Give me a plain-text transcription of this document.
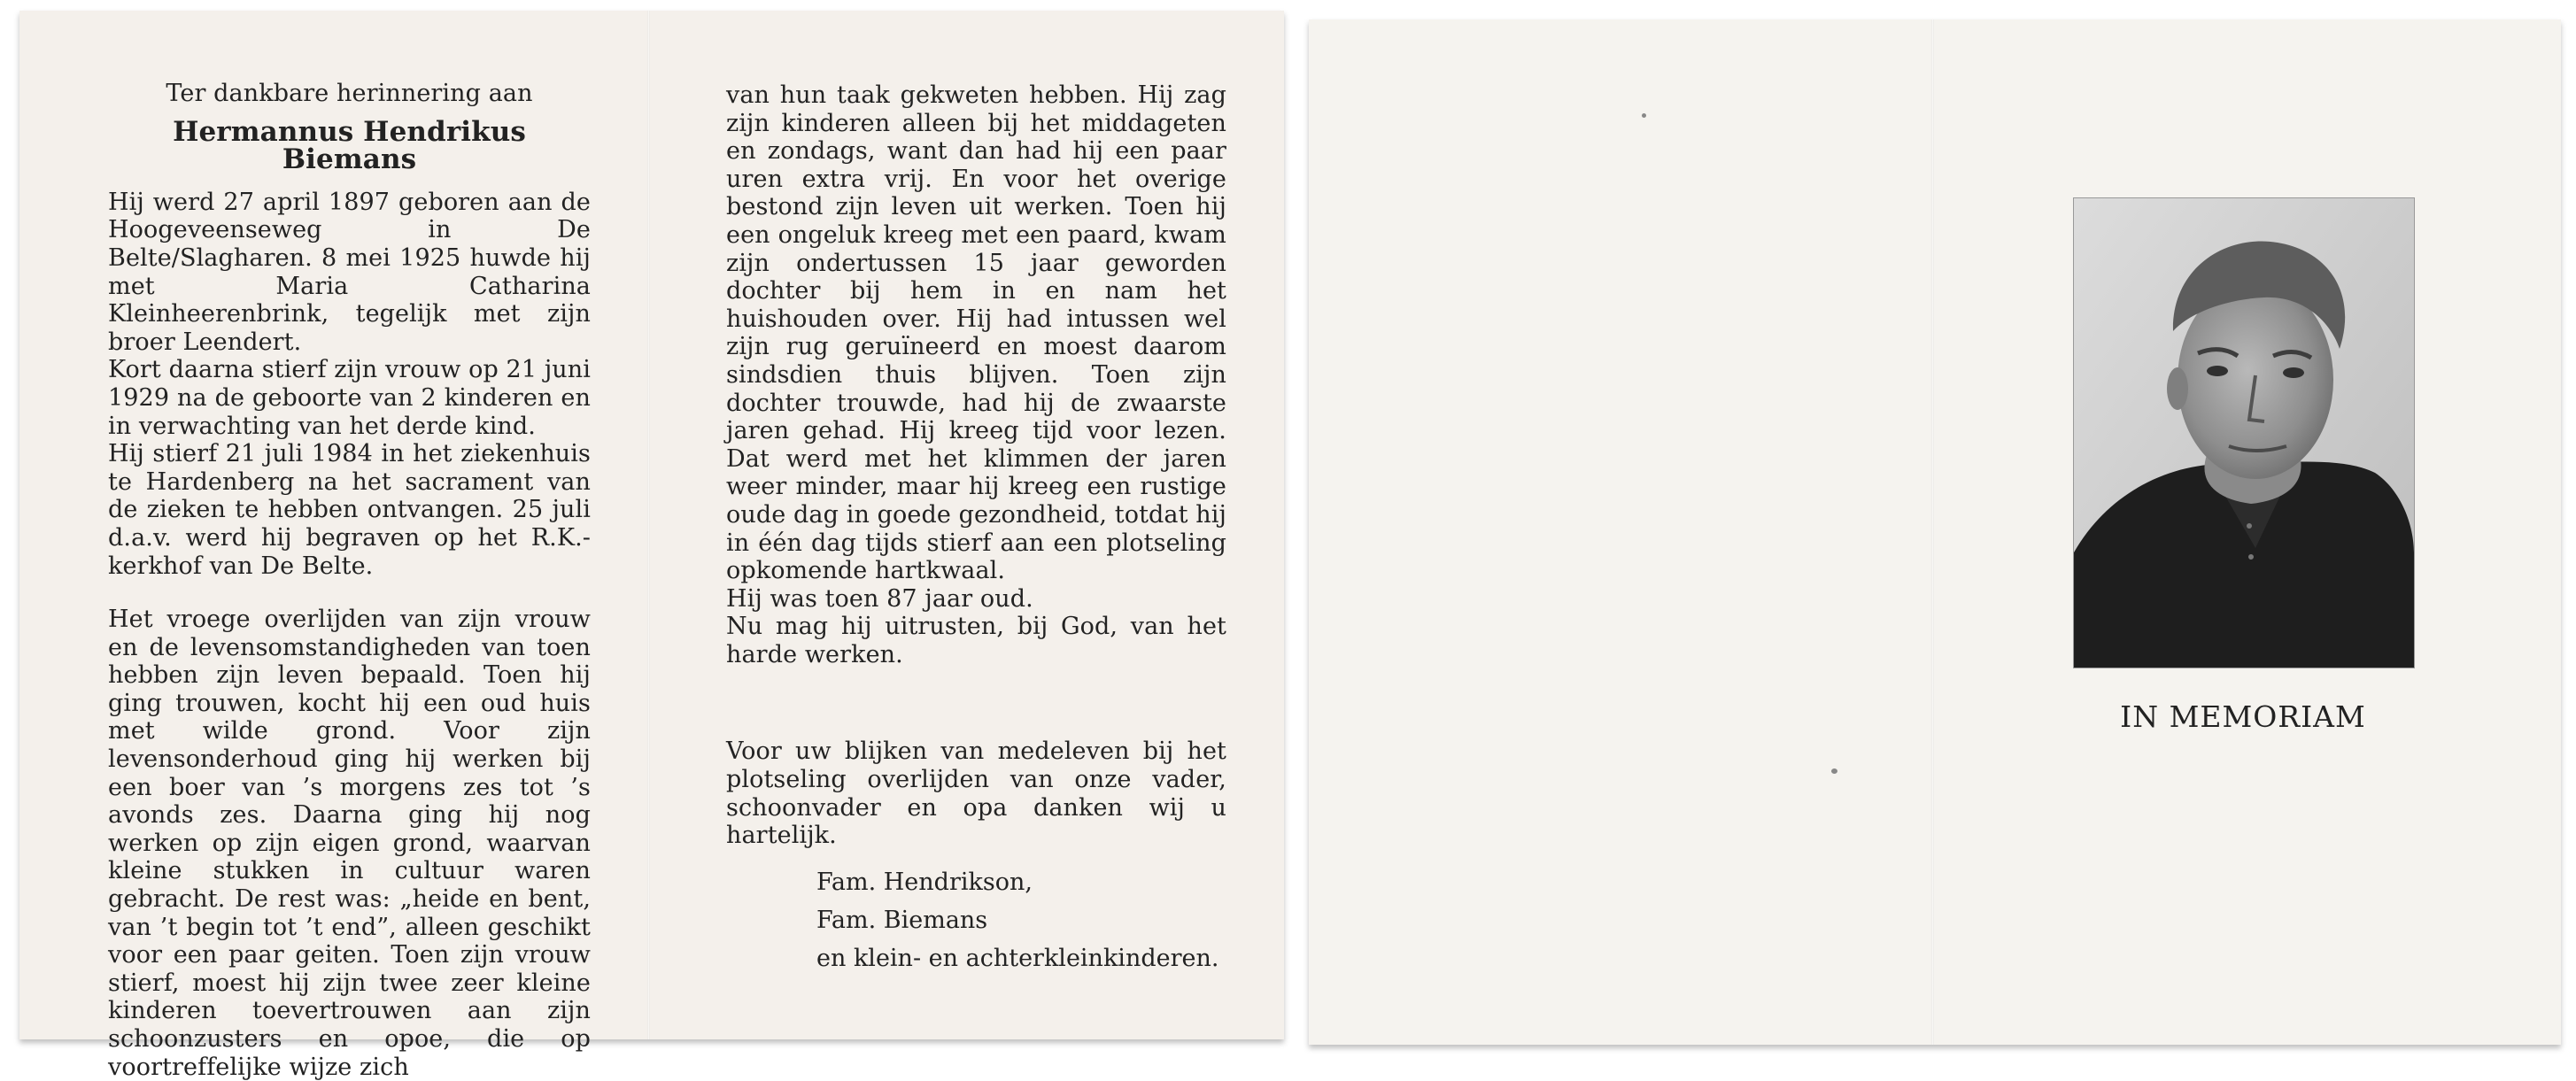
Ter dankbare herinnering aan

Hermannus Hendrikus Biemans

Hij werd 27 april 1897 geboren aan de Hoogeveenseweg in De Belte/Slagharen. 8 mei 1925 huwde hij met Maria Catharina Kleinheerenbrink, tegelijk met zijn broer Leendert.

Kort daarna stierf zijn vrouw op 21 juni 1929 na de geboorte van 2 kinderen en in verwachting van het derde kind.

Hij stierf 21 juli 1984 in het ziekenhuis te Hardenberg na het sacrament van de zieken te hebben ontvangen. 25 juli d.a.v. werd hij begraven op het R.K.-kerkhof van De Belte.

Het vroege overlijden van zijn vrouw en de levensomstandigheden van toen hebben zijn leven bepaald. Toen hij ging trouwen, kocht hij een oud huis met wilde grond. Voor zijn levensonderhoud ging hij werken bij een boer van ’s morgens zes tot ’s avonds zes. Daarna ging hij nog werken op zijn eigen grond, waarvan kleine stukken in cultuur waren gebracht. De rest was: „heide en bent, van ’t begin tot ’t end”, alleen geschikt voor een paar geiten. Toen zijn vrouw stierf, moest hij zijn twee zeer kleine kinderen toevertrouwen aan zijn schoonzusters en opoe, die op voortreffelijke wijze zich

van hun taak gekweten hebben. Hij zag zijn kinderen alleen bij het middageten en zondags, want dan had hij een paar uren extra vrij. En voor het overige bestond zijn leven uit werken. Toen hij een ongeluk kreeg met een paard, kwam zijn ondertussen 15 jaar geworden dochter bij hem in en nam het huishouden over. Hij had intussen wel zijn rug geruïneerd en moest daarom sindsdien thuis blijven. Toen zijn dochter trouwde, had hij de zwaarste jaren gehad. Hij kreeg tijd voor lezen. Dat werd met het klimmen der jaren weer minder, maar hij kreeg een rustige oude dag in goede gezondheid, totdat hij in één dag tijds stierf aan een plotseling opkomende hartkwaal.

Hij was toen 87 jaar oud.

Nu mag hij uitrusten, bij God, van het harde werken.

Voor uw blijken van medeleven bij het plotseling overlijden van onze vader, schoonvader en opa danken wij u hartelijk.

Fam. Hendrikson,
Fam. Biemans
en klein- en achterkleinkinderen.
IN MEMORIAM
